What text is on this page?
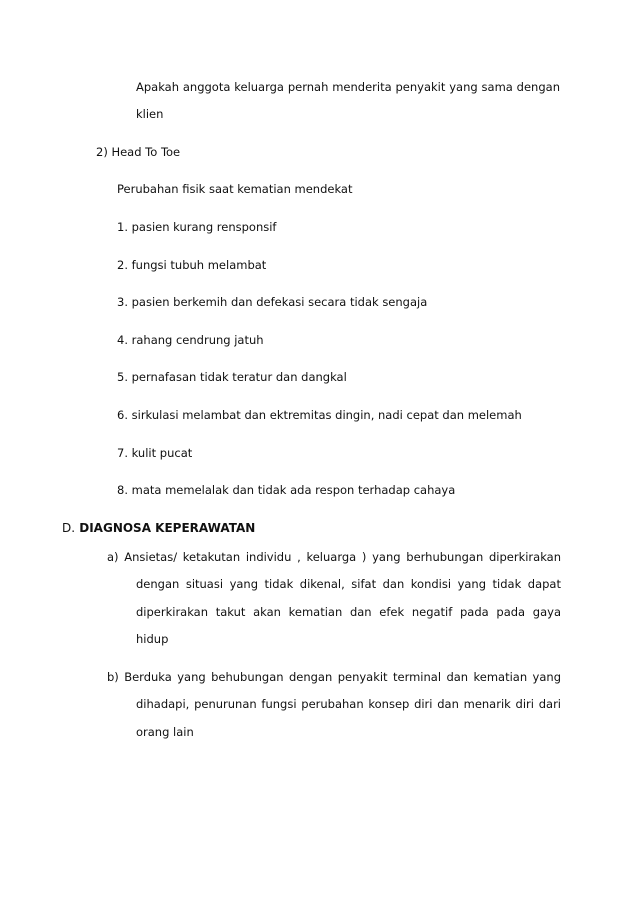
Apakah anggota keluarga pernah menderita penyakit yang sama dengan
klien
2) Head To Toe
Perubahan fisik saat kematian mendekat
1. pasien kurang rensponsif
2. fungsi tubuh melambat
3. pasien berkemih dan defekasi secara tidak sengaja
4. rahang cendrung jatuh
5. pernafasan tidak teratur dan dangkal
6. sirkulasi melambat dan ektremitas dingin, nadi cepat dan melemah
7. kulit pucat
8. mata memelalak dan tidak ada respon terhadap cahaya
D. DIAGNOSA KEPERAWATAN
a) Ansietas/ ketakutan individu , keluarga ) yang berhubungan diperkirakan
dengan situasi yang tidak dikenal, sifat dan kondisi yang tidak dapat
diperkirakan takut akan kematian dan efek negatif pada pada gaya
hidup
b) Berduka yang behubungan dengan penyakit terminal dan kematian yang
dihadapi, penurunan fungsi perubahan konsep diri dan menarik diri dari
orang lain
